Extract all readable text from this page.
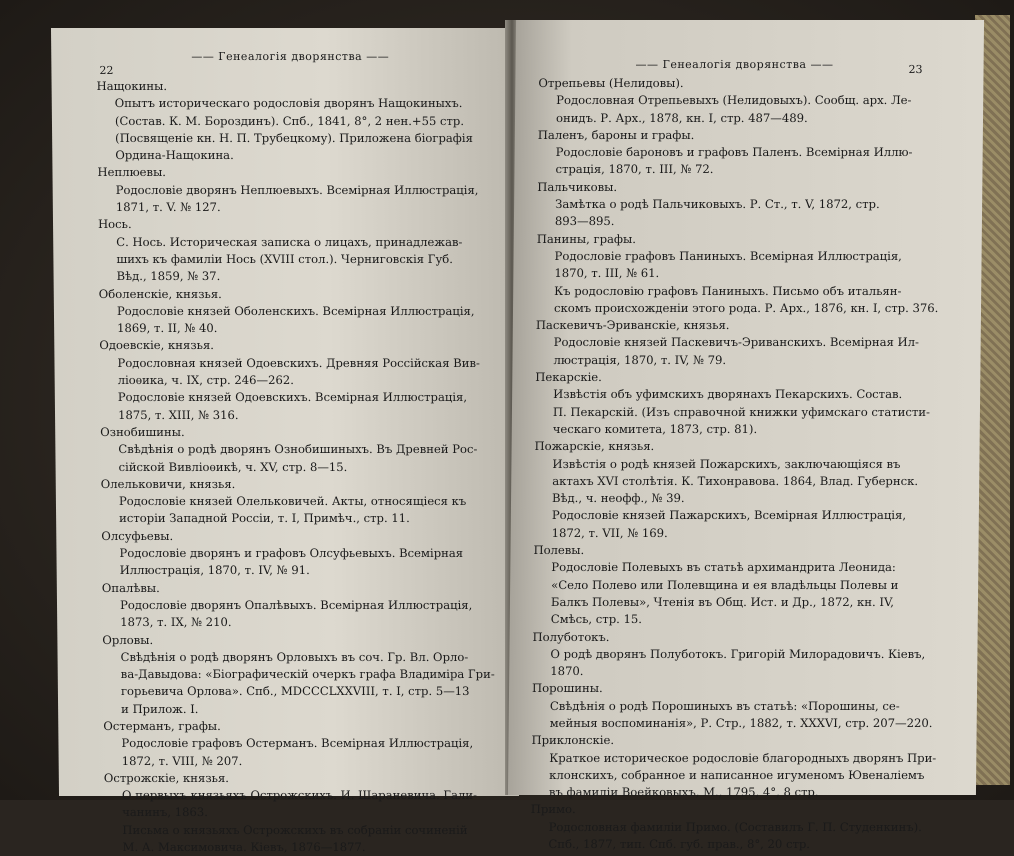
—— Генеалогія дворянства ——
22
Нащокины.
Опытъ историческаго родословія дворянъ Нащокиныхъ.
(Состав. К. М. Бороздинъ). Спб., 1841, 8°, 2 нен.+55 стр.
(Посвященіе кн. Н. П. Трубецкому). Приложена біографія
Ордина-Нащокина.
Неплюевы.
Родословіе дворянъ Неплюевыхъ. Всемірная Иллюстрація,
1871, т. V. № 127.
Нось.
С. Нось. Историческая записка о лицахъ, принадлежав-
шихъ къ фамиліи Нось (XVIII стол.). Черниговскія Губ.
Вѣд., 1859, № 37.
Оболенскіе, князья.
Родословіе князей Оболенскихъ. Всемірная Иллюстрація,
1869, т. II, № 40.
Одоевскіе, князья.
Родословная князей Одоевскихъ. Древняя Россійская Вив-
ліоѳика, ч. IX, стр. 246—262.
Родословіе князей Одоевскихъ. Всемірная Иллюстрація,
1875, т. XIII, № 316.
Ознобишины.
Свѣдѣнія о родѣ дворянъ Ознобишиныхъ. Въ Древней Рос-
сійской Вивліоѳикѣ, ч. XV, стр. 8—15.
Олельковичи, князья.
Родословіе князей Олельковичей. Акты, относящіеся къ
исторіи Западной Россіи, т. I, Примѣч., стр. 11.
Олсуфьевы.
Родословіе дворянъ и графовъ Олсуфьевыхъ. Всемірная
Иллюстрація, 1870, т. IV, № 91.
Опалѣвы.
Родословіе дворянъ Опалѣвыхъ. Всемірная Иллюстрація,
1873, т. IX, № 210.
Орловы.
Свѣдѣнія о родѣ дворянъ Орловыхъ въ соч. Гр. Вл. Орло-
ва-Давыдова: «Біографическій очеркъ графа Владиміра Гри-
горьевича Орлова». Спб., MDCCCLXXVIII, т. I, стр. 5—13
и Прилож. I.
Остерманъ, графы.
Родословіе графовъ Остерманъ. Всемірная Иллюстрація,
1872, т. VIII, № 207.
Острожскіе, князья.
О первыхъ князьяхъ Острожскихъ. И. Шараневича. Гали-
чанинъ, 1863.
Письма о князьяхъ Острожскихъ въ собраніи сочиненій
М. А. Максимовича. Кіевъ, 1876—1877.
—— Генеалогія дворянства ——	23
Отрепьевы (Нелидовы).
Родословная Отрепьевыхъ (Нелидовыхъ). Сообщ. арх. Ле-
онидъ. Р. Арх., 1878, кн. I, стр. 487—489.
Паленъ, бароны и графы.
Родословіе бароновъ и графовъ Паленъ. Всемірная Иллю-
страція, 1870, т. III, № 72.
Пальчиковы.
Замѣтка о родѣ Пальчиковыхъ. Р. Ст., т. V, 1872, стр.
893—895.
Панины, графы.
Родословіе графовъ Паниныхъ. Всемірная Иллюстрація,
1870, т. III, № 61.
Къ родословію графовъ Паниныхъ. Письмо объ итальян-
скомъ происхожденіи этого рода. Р. Арх., 1876, кн. I, стр. 376.
Паскевичъ-Эриванскіе, князья.
Родословіе князей Паскевичъ-Эриванскихъ. Всемірная Ил-
люстрація, 1870, т. IV, № 79.
Пекарскіе.
Извѣстія объ уфимскихъ дворянахъ Пекарскихъ. Состав.
П. Пекарскій. (Изъ справочной книжки уфимскаго статисти-
ческаго комитета, 1873, стр. 81).
Пожарскіе, князья.
Извѣстія о родѣ князей Пожарскихъ, заключающіяся въ
актахъ XVI столѣтія. К. Тихонравова. 1864, Влад. Губернск.
Вѣд., ч. неофф., № 39.
Родословіе князей Пажарскихъ, Всемірная Иллюстрація,
1872, т. VII, № 169.
Полевы.
Родословіе Полевыхъ въ статьѣ архимандрита Леонида:
«Село Полево или Полевщина и ея владѣльцы Полевы и
Балкъ Полевы», Чтенія въ Общ. Ист. и Др., 1872, кн. IV,
Смѣсь, стр. 15.
Полуботокъ.
О родѣ дворянъ Полуботокъ. Григорій Милорадовичъ. Кіевъ,
1870.
Порошины.
Свѣдѣнія о родѣ Порошиныхъ въ статьѣ: «Порошины, се-
мейныя воспоминанія», Р. Стр., 1882, т. XXXVI, стр. 207—220.
Приклонскіе.
Краткое историческое родословіе благородныхъ дворянъ При-
клонскихъ, собранное и написанное игуменомъ Ювеналіемъ
въ фамиліи Воейковыхъ, М., 1795, 4°, 8 стр.
Примо.
Родословная фамиліи Примо. (Составилъ Г. П. Студенкинъ).
Спб., 1877, тип. Спб. губ. прав., 8°, 20 стр.
